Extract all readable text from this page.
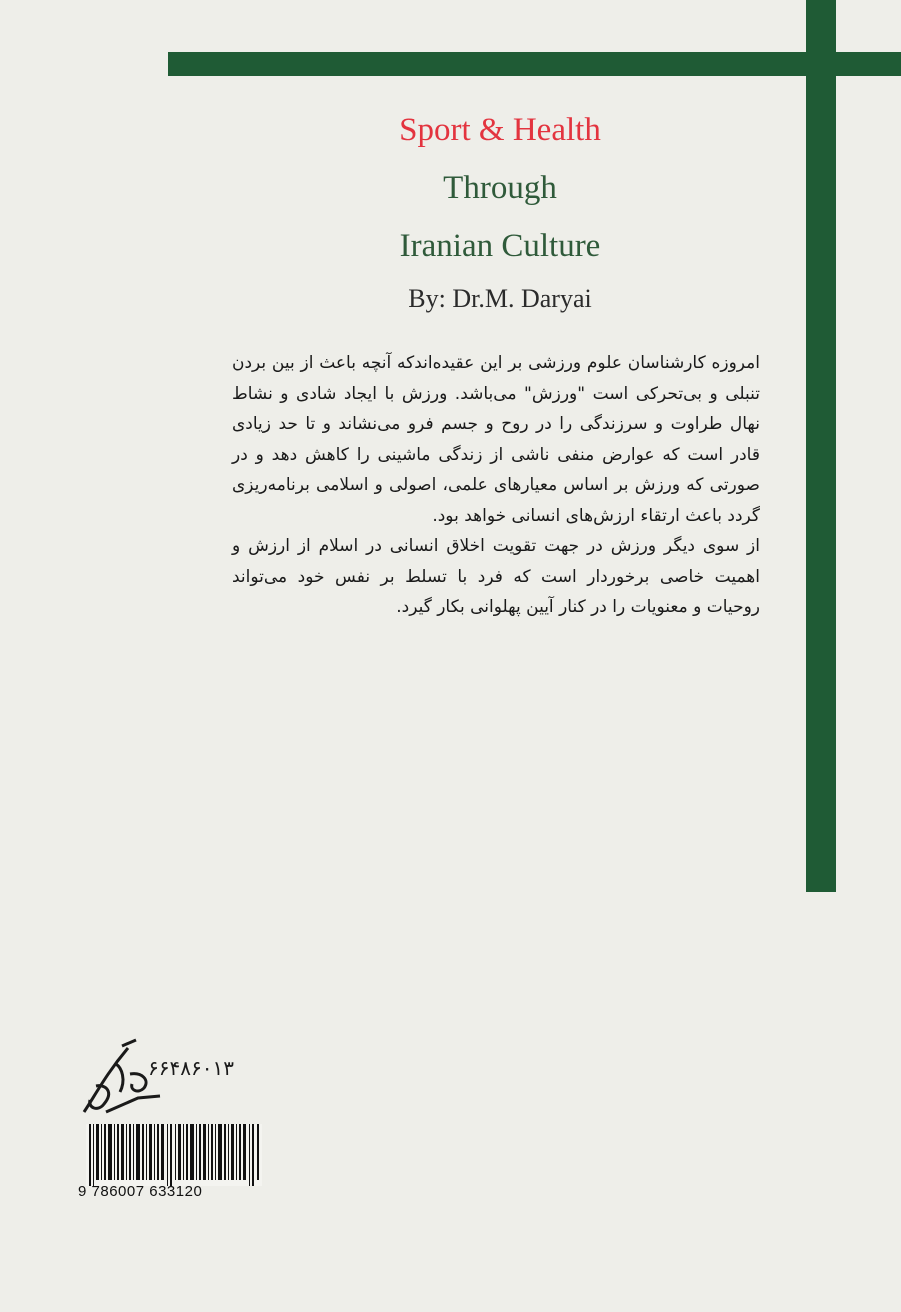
Sport & Health
Through
Iranian Culture
By: Dr.M. Daryai

امروزه کارشناسان علوم ورزشی بر این عقیده‌اندکه آنچه باعث از بین بردن تنبلی و بی‌تحرکی است "ورزش" می‌باشد. ورزش با ایجاد شادی و نشاط نهال طراوت و سرزندگی را در روح و جسم فرو می‌نشاند و تا حد زیادی قادر است که عوارض منفی ناشی از زندگی ماشینی را کاهش دهد و در صورتی که ورزش بر اساس معیارهای علمی، اصولی و اسلامی برنامه‌ریزی گردد باعث ارتقاء ارزش‌های انسانی خواهد بود.

از سوی دیگر ورزش در جهت تقویت اخلاق انسانی در اسلام از ارزش و اهمیت خاصی برخوردار است که فرد با تسلط بر نفس خود می‌تواند روحیات و معنویات را در کنار آیین پهلوانی بکار گیرد.

۶۶۴۸۶۰۱۳
9 786007 633120
